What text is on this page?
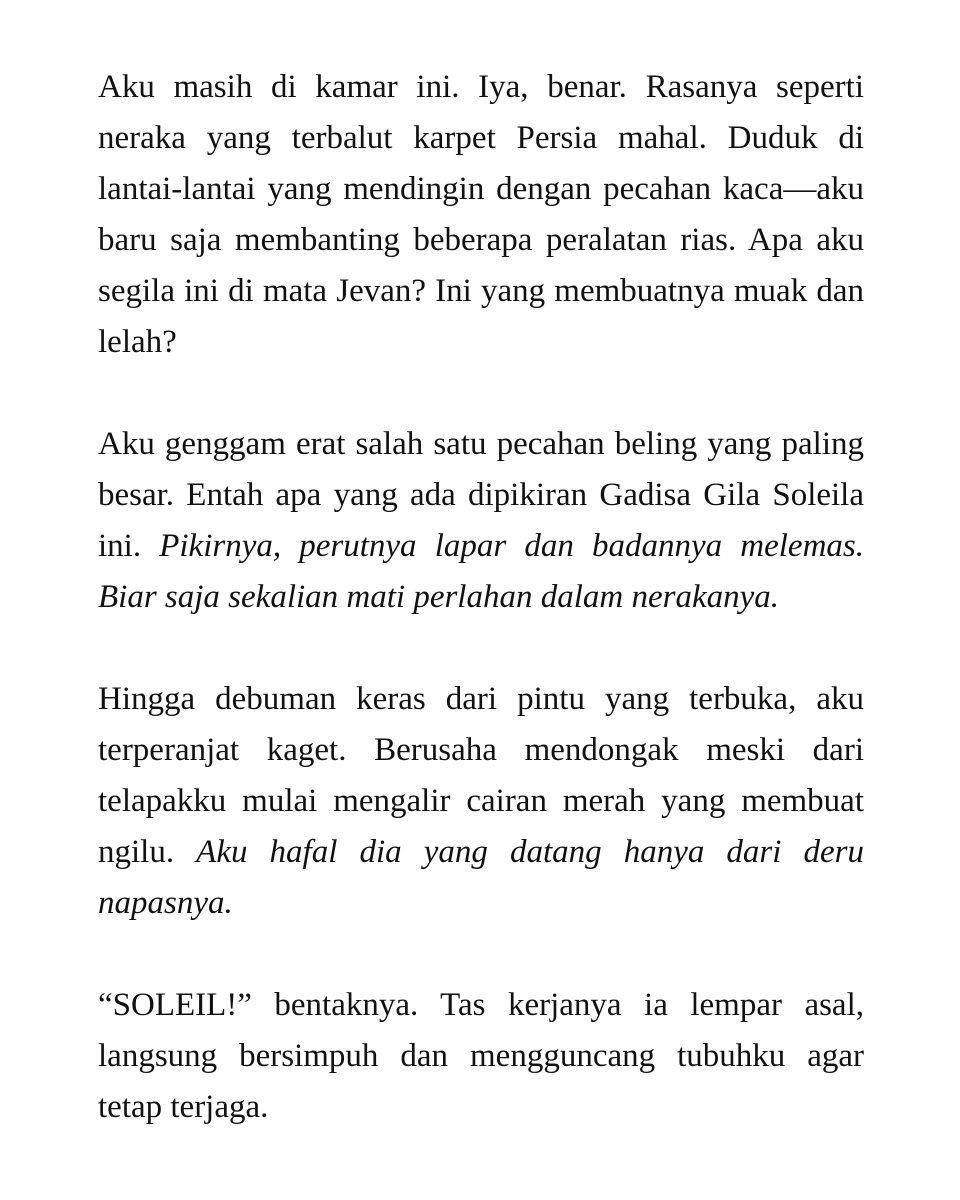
Aku masih di kamar ini. Iya, benar. Rasanya seperti neraka yang terbalut karpet Persia mahal. Duduk di lantai-lantai yang mendingin dengan pecahan kaca—aku baru saja membanting beberapa peralatan rias. Apa aku segila ini di mata Jevan? Ini yang membuatnya muak dan lelah?

Aku genggam erat salah satu pecahan beling yang paling besar. Entah apa yang ada dipikiran Gadisa Gila Soleila ini. Pikirnya, perutnya lapar dan badannya melemas. Biar saja sekalian mati perlahan dalam nerakanya.

Hingga debuman keras dari pintu yang terbuka, aku terperanjat kaget. Berusaha mendongak meski dari telapakku mulai mengalir cairan merah yang membuat ngilu. Aku hafal dia yang datang hanya dari deru napasnya.

“SOLEIL!” bentaknya. Tas kerjanya ia lempar asal, langsung bersimpuh dan mengguncang tubuhku agar tetap terjaga.
